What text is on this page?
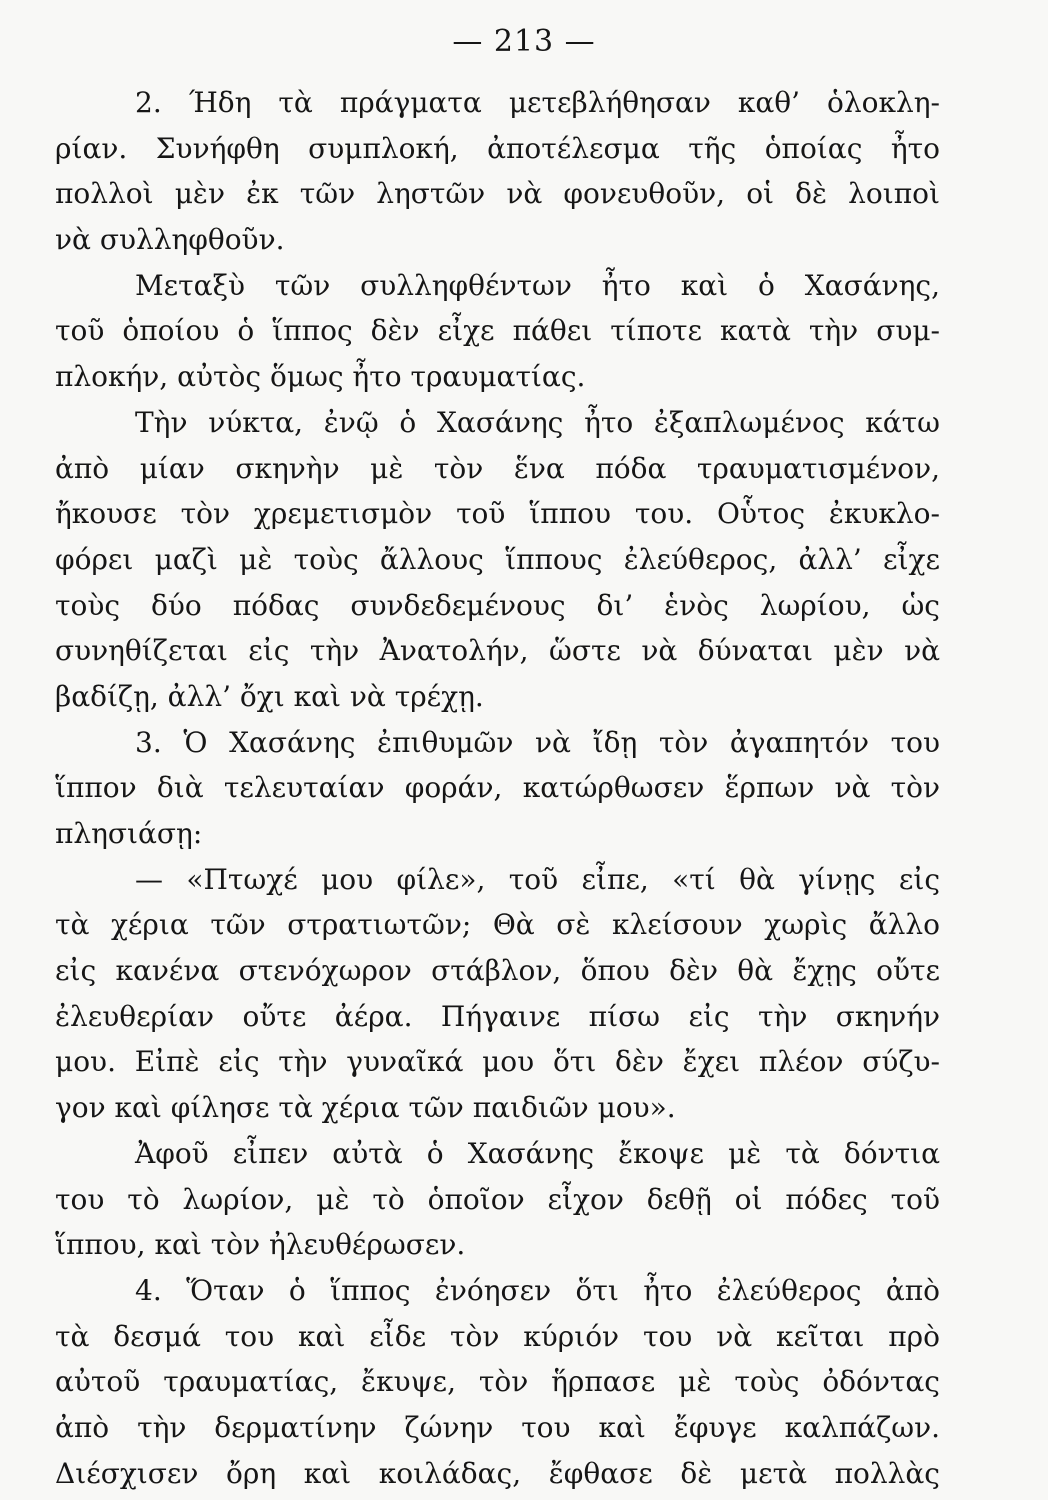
— 213 —
2. Ήδη τὰ πράγματα μετεβλήθησαν καθ’ ὁλοκλη-
ρίαν. Συνήφθη συμπλοκή, ἀποτέλεσμα τῆς ὁποίας ἦτο
πολλοὶ μὲν ἐκ τῶν ληστῶν νὰ φονευθοῦν, οἱ δὲ λοιποὶ
νὰ συλληφθοῦν.
Μεταξὺ τῶν συλληφθέντων ἦτο καὶ ὁ Χασάνης,
τοῦ ὁποίου ὁ ἵππος δὲν εἶχε πάθει τίποτε κατὰ τὴν συμ-
πλοκήν, αὐτὸς ὅμως ἦτο τραυματίας.
Τὴν νύκτα, ἐνῷ ὁ Χασάνης ἦτο ἐξαπλωμένος κάτω
ἀπὸ μίαν σκηνὴν μὲ τὸν ἕνα πόδα τραυματισμένον,
ἤκουσε τὸν χρεμετισμὸν τοῦ ἵππου του. Οὗτος ἐκυκλο-
φόρει μαζὶ μὲ τοὺς ἄλλους ἵππους ἐλεύθερος, ἀλλ’ εἶχε
τοὺς δύο πόδας συνδεδεμένους δι’ ἑνὸς λωρίου, ὡς
συνηθίζεται εἰς τὴν Ἀνατολήν, ὥστε νὰ δύναται μὲν νὰ
βαδίζῃ, ἀλλ’ ὄχι καὶ νὰ τρέχῃ.
3. Ὁ Χασάνης ἐπιθυμῶν νὰ ἴδῃ τὸν ἀγαπητόν του
ἵππον διὰ τελευταίαν φοράν, κατώρθωσεν ἕρπων νὰ τὸν
πλησιάσῃ:
— «Πτωχέ μου φίλε», τοῦ εἶπε, «τί θὰ γίνῃς εἰς
τὰ χέρια τῶν στρατιωτῶν; Θὰ σὲ κλείσουν χωρὶς ἄλλο
εἰς κανένα στενόχωρον στάβλον, ὅπου δὲν θὰ ἔχῃς οὔτε
ἐλευθερίαν οὔτε ἀέρα. Πήγαινε πίσω εἰς τὴν σκηνήν
μου. Εἰπὲ εἰς τὴν γυναῖκά μου ὅτι δὲν ἔχει πλέον σύζυ-
γον καὶ φίλησε τὰ χέρια τῶν παιδιῶν μου».
Ἀφοῦ εἶπεν αὐτὰ ὁ Χασάνης ἔκοψε μὲ τὰ δόντια
του τὸ λωρίον, μὲ τὸ ὁποῖον εἶχον δεθῇ οἱ πόδες τοῦ
ἵππου, καὶ τὸν ἠλευθέρωσεν.
4. Ὅταν ὁ ἵππος ἐνόησεν ὅτι ἦτο ἐλεύθερος ἀπὸ
τὰ δεσμά του καὶ εἶδε τὸν κύριόν του νὰ κεῖται πρὸ
αὐτοῦ τραυματίας, ἔκυψε, τὸν ἥρπασε μὲ τοὺς ὀδόντας
ἀπὸ τὴν δερματίνην ζώνην του καὶ ἔφυγε καλπάζων.
Διέσχισεν ὄρη καὶ κοιλάδας, ἔφθασε δὲ μετὰ πολλὰς
